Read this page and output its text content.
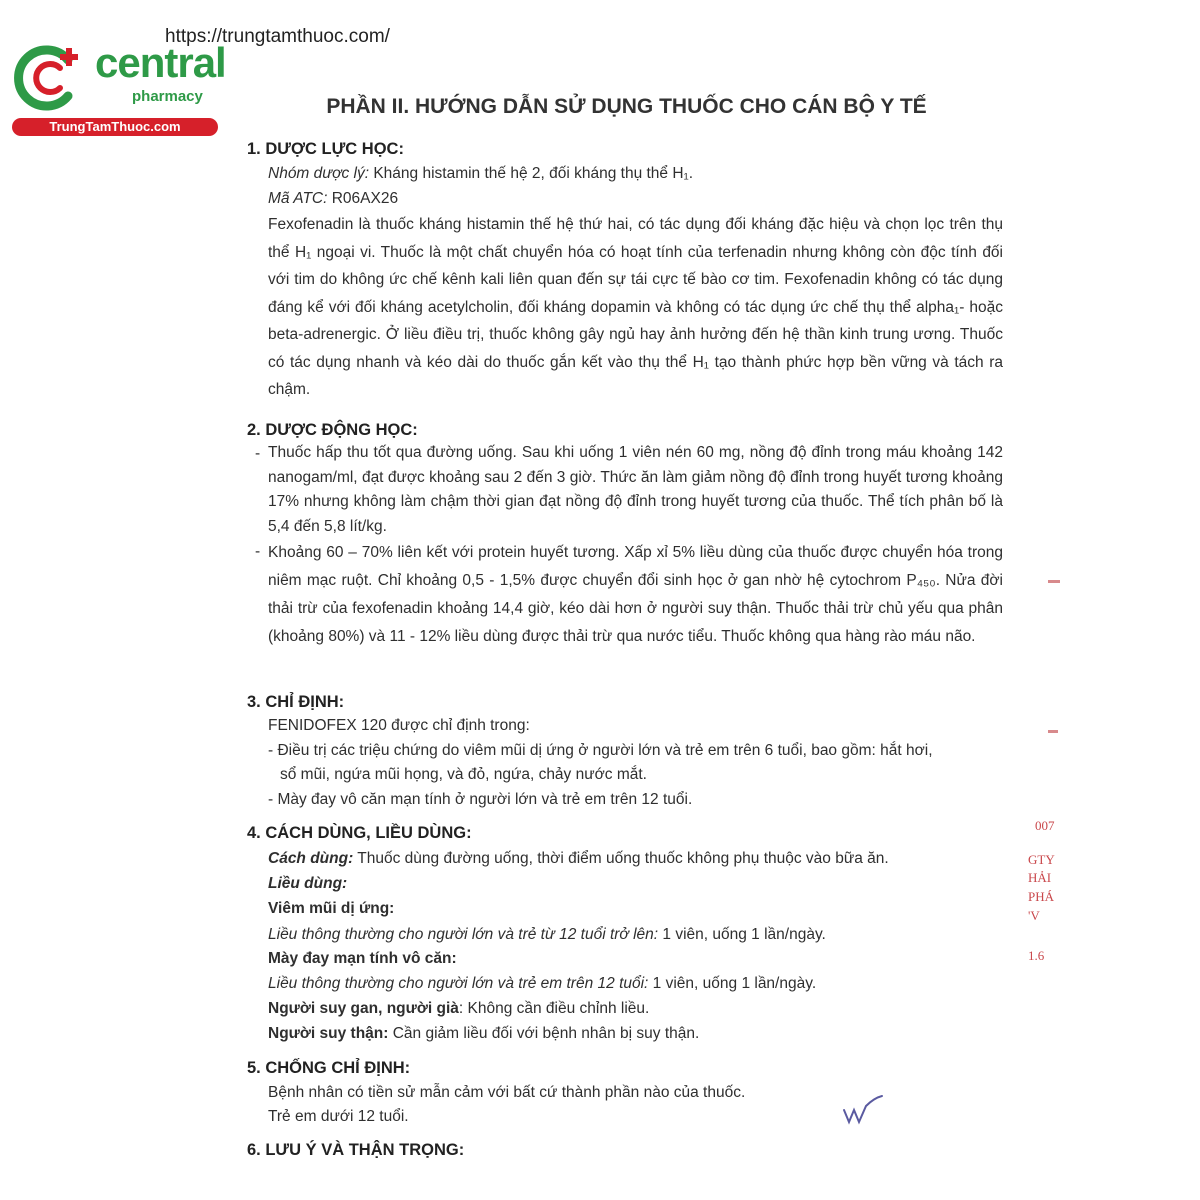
https://trungtamthuoc.com/
central
pharmacy
TrungTamThuoc.com
PHẦN II. HƯỚNG DẪN SỬ DỤNG THUỐC CHO CÁN BỘ Y TẾ
1. DƯỢC LỰC HỌC:
Nhóm dược lý: Kháng histamin thế hệ 2, đối kháng thụ thể H₁.
Mã ATC: R06AX26
Fexofenadin là thuốc kháng histamin thế hệ thứ hai, có tác dụng đối kháng đặc hiệu và chọn lọc trên thụ thể H₁ ngoại vi. Thuốc là một chất chuyển hóa có hoạt tính của terfenadin nhưng không còn độc tính đối với tim do không ức chế kênh kali liên quan đến sự tái cực tế bào cơ tim. Fexofenadin không có tác dụng đáng kể với đối kháng acetylcholin, đối kháng dopamin và không có tác dụng ức chế thụ thể alpha₁- hoặc beta-adrenergic. Ở liều điều trị, thuốc không gây ngủ hay ảnh hưởng đến hệ thần kinh trung ương. Thuốc có tác dụng nhanh và kéo dài do thuốc gắn kết vào thụ thể H₁ tạo thành phức hợp bền vững và tách ra chậm.
2. DƯỢC ĐỘNG HỌC:
- Thuốc hấp thu tốt qua đường uống. Sau khi uống 1 viên nén 60 mg, nồng độ đỉnh trong máu khoảng 142 nanogam/ml, đạt được khoảng sau 2 đến 3 giờ. Thức ăn làm giảm nồng độ đỉnh trong huyết tương khoảng 17% nhưng không làm chậm thời gian đạt nồng độ đỉnh trong huyết tương của thuốc. Thể tích phân bố là 5,4 đến 5,8 lít/kg.
- Khoảng 60 – 70% liên kết với protein huyết tương. Xấp xỉ 5% liều dùng của thuốc được chuyển hóa trong niêm mạc ruột. Chỉ khoảng 0,5 - 1,5% được chuyển đổi sinh học ở gan nhờ hệ cytochrom P₄₅₀. Nửa đời thải trừ của fexofenadin khoảng 14,4 giờ, kéo dài hơn ở người suy thận. Thuốc thải trừ chủ yếu qua phân (khoảng 80%) và 11 - 12% liều dùng được thải trừ qua nước tiểu. Thuốc không qua hàng rào máu não.
3. CHỈ ĐỊNH:
FENIDOFEX 120 được chỉ định trong:
- Điều trị các triệu chứng do viêm mũi dị ứng ở người lớn và trẻ em trên 6 tuổi, bao gồm: hắt hơi,
sổ mũi, ngứa mũi họng, và đỏ, ngứa, chảy nước mắt.
- Mày đay vô căn mạn tính ở người lớn và trẻ em trên 12 tuổi.
4. CÁCH DÙNG, LIỀU DÙNG:
Cách dùng: Thuốc dùng đường uống, thời điểm uống thuốc không phụ thuộc vào bữa ăn.
Liều dùng:
Viêm mũi dị ứng:
Liều thông thường cho người lớn và trẻ từ 12 tuổi trở lên: 1 viên, uống 1 lần/ngày.
Mày đay mạn tính vô căn:
Liều thông thường cho người lớn và trẻ em trên 12 tuổi: 1 viên, uống 1 lần/ngày.
Người suy gan, người già: Không cần điều chỉnh liều.
Người suy thận: Cần giảm liều đối với bệnh nhân bị suy thận.
5. CHỐNG CHỈ ĐỊNH:
Bệnh nhân có tiền sử mẫn cảm với bất cứ thành phần nào của thuốc.
Trẻ em dưới 12 tuổi.
6. LƯU Ý VÀ THẬN TRỌNG:
007
GTY
HẢI
PHÁ
'V
1.6
